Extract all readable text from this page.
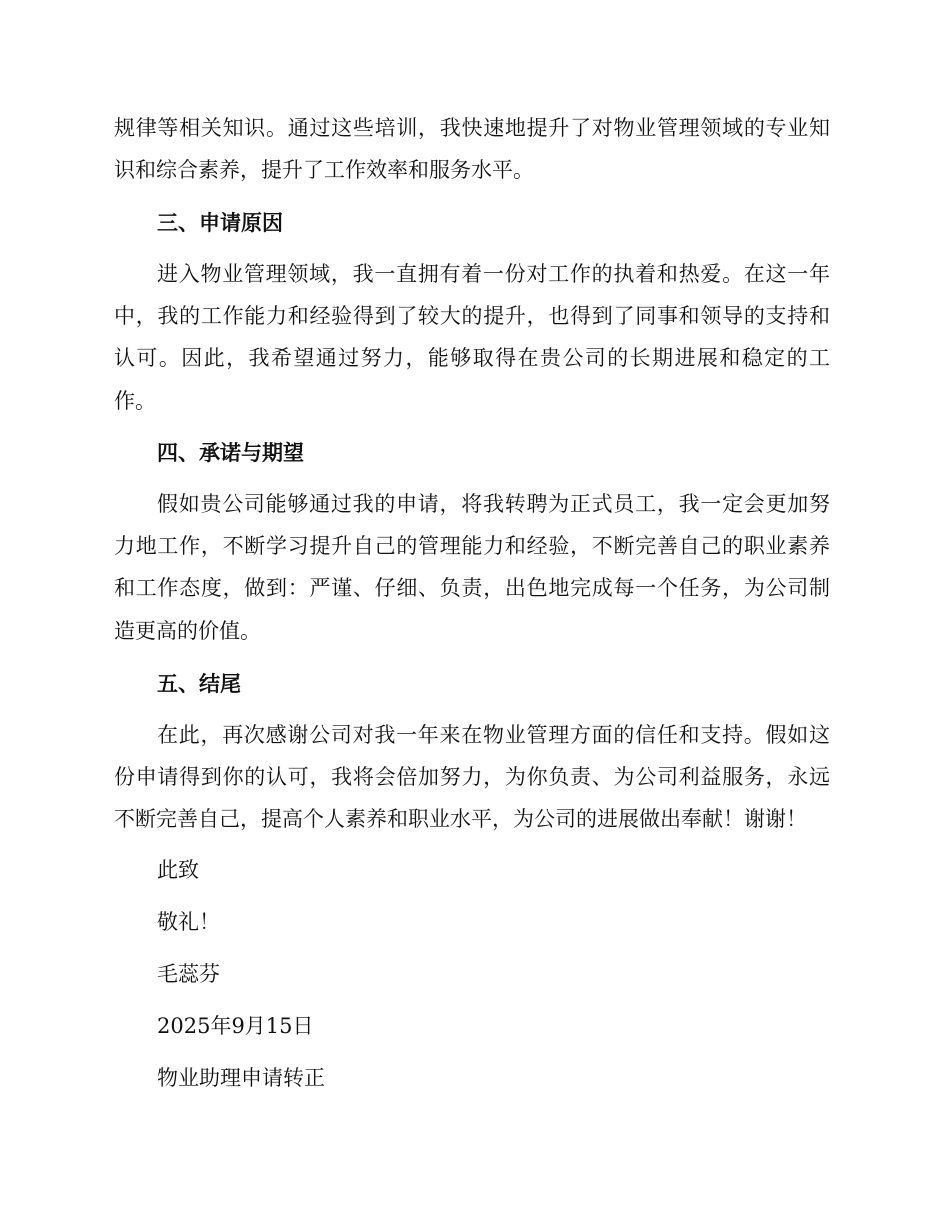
规律等相关知识。通过这些培训，我快速地提升了对物业管理领域的专业知
识和综合素养，提升了工作效率和服务水平。
三、申请原因
进入物业管理领域，我一直拥有着一份对工作的执着和热爱。在这一年
中，我的工作能力和经验得到了较大的提升，也得到了同事和领导的支持和
认可。因此，我希望通过努力，能够取得在贵公司的长期进展和稳定的工
作。
四、承诺与期望
假如贵公司能够通过我的申请，将我转聘为正式员工，我一定会更加努
力地工作，不断学习提升自己的管理能力和经验，不断完善自己的职业素养
和工作态度，做到：严谨、仔细、负责，出色地完成每一个任务，为公司制
造更高的价值。
五、结尾
在此，再次感谢公司对我一年来在物业管理方面的信任和支持。假如这
份申请得到你的认可，我将会倍加努力，为你负责、为公司利益服务，永远
不断完善自己，提高个人素养和职业水平，为公司的进展做出奉献！谢谢！
此致
敬礼！
毛蕊芬
2025年9月15日
物业助理申请转正
